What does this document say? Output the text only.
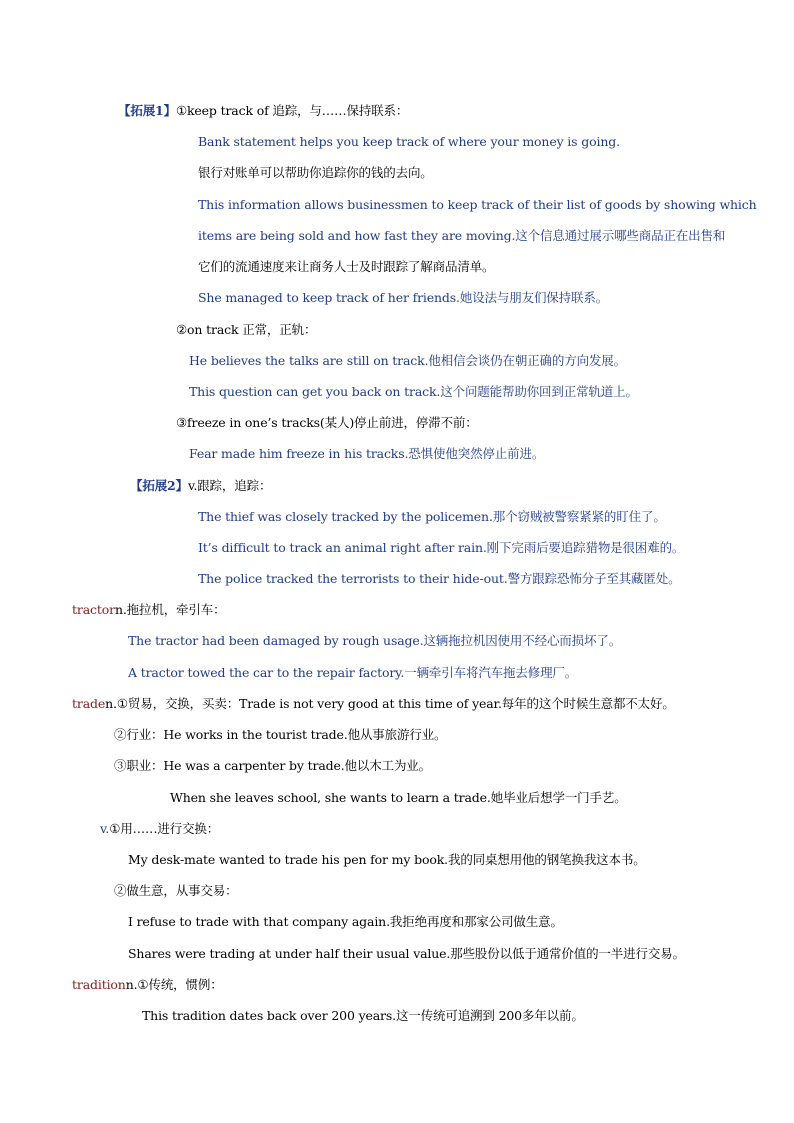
【拓展1】①keep track of 追踪，与……保持联系：
Bank statement helps you keep track of where your money is going.
银行对账单可以帮助你追踪你的钱的去向。
This information allows businessmen to keep track of their list of goods by showing which
items are being sold and how fast they are moving.这个信息通过展示哪些商品正在出售和
它们的流通速度来让商务人士及时跟踪了解商品清单。
She managed to keep track of her friends.她设法与朋友们保持联系。
②on track 正常，正轨：
He believes the talks are still on track.他相信会谈仍在朝正确的方向发展。
This question can get you back on track.这个问题能帮助你回到正常轨道上。
③freeze in one’s tracks(某人)停止前进，停滞不前：
Fear made him freeze in his tracks.恐惧使他突然停止前进。
【拓展2】v.跟踪，追踪：
The thief was closely tracked by the policemen.那个窃贼被警察紧紧的盯住了。
It’s difficult to track an animal right after rain.刚下完雨后要追踪猎物是很困难的。
The police tracked the terrorists to their hide-out.警方跟踪恐怖分子至其藏匿处。
tractorn.拖拉机，牵引车：
The tractor had been damaged by rough usage.这辆拖拉机因使用不经心而损坏了。
A tractor towed the car to the repair factory.一辆牵引车将汽车拖去修理厂。
traden.①贸易，交换，买卖：Trade is not very good at this time of year.每年的这个时候生意都不太好。
②行业：He works in the tourist trade.他从事旅游行业。
③职业：He was a carpenter by trade.他以木工为业。
When she leaves school, she wants to learn a trade.她毕业后想学一门手艺。
v.①用……进行交换：
My desk-mate wanted to trade his pen for my book.我的同桌想用他的钢笔换我这本书。
②做生意，从事交易：
I refuse to trade with that company again.我拒绝再度和那家公司做生意。
Shares were trading at under half their usual value.那些股份以低于通常价值的一半进行交易。
traditionn.①传统，惯例：
This tradition dates back over 200 years.这一传统可追溯到 200多年以前。
